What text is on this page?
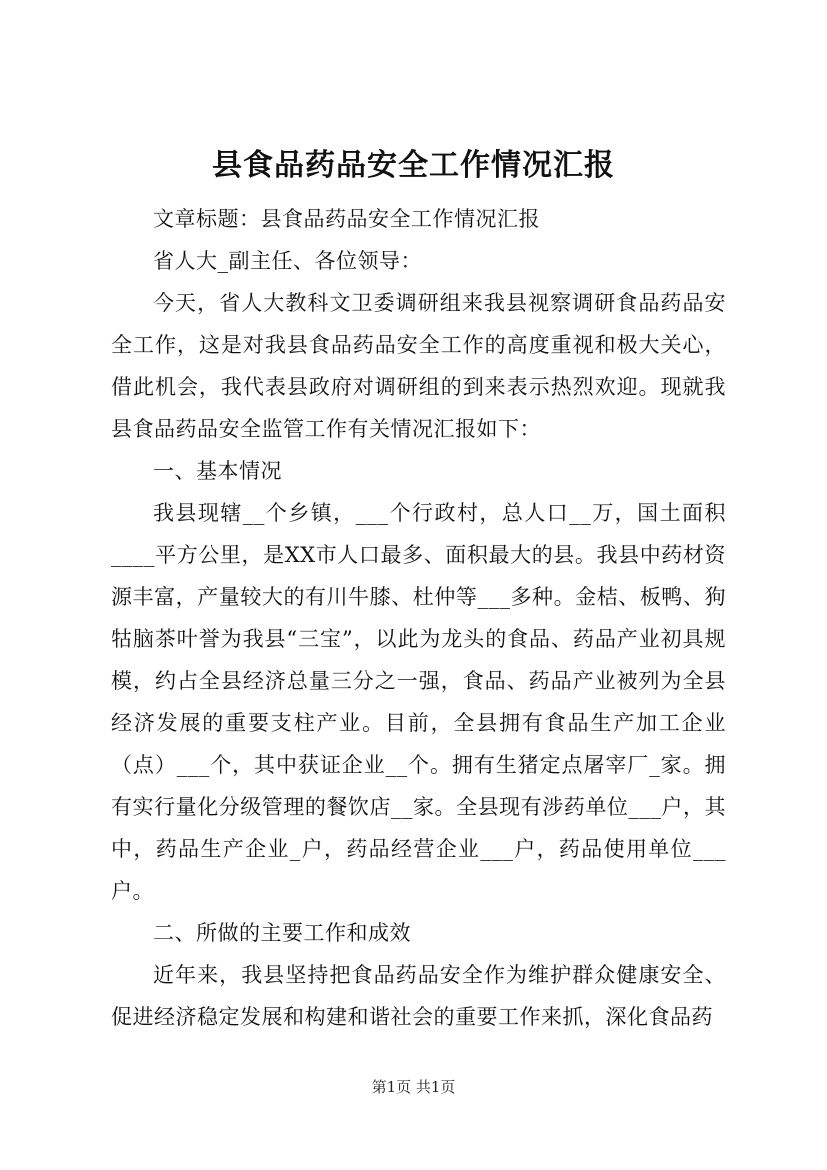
县食品药品安全工作情况汇报

文章标题：县食品药品安全工作情况汇报

省人大_副主任、各位领导：

今天，省人大教科文卫委调研组来我县视察调研食品药品安全工作，这是对我县食品药品安全工作的高度重视和极大关心，借此机会，我代表县政府对调研组的到来表示热烈欢迎。现就我县食品药品安全监管工作有关情况汇报如下：

一、基本情况

我县现辖__个乡镇，___个行政村，总人口__万，国土面积____平方公里，是XX市人口最多、面积最大的县。我县中药材资源丰富，产量较大的有川牛膝、杜仲等___多种。金桔、板鸭、狗牯脑茶叶誉为我县“三宝”，以此为龙头的食品、药品产业初具规模，约占全县经济总量三分之一强，食品、药品产业被列为全县经济发展的重要支柱产业。目前，全县拥有食品生产加工企业（点）___个，其中获证企业__个。拥有生猪定点屠宰厂_家。拥有实行量化分级管理的餐饮店__家。全县现有涉药单位___户，其中，药品生产企业_户，药品经营企业___户，药品使用单位___户。

二、所做的主要工作和成效

近年来，我县坚持把食品药品安全作为维护群众健康安全、促进经济稳定发展和构建和谐社会的重要工作来抓，深化食品药

第1页 共1页
